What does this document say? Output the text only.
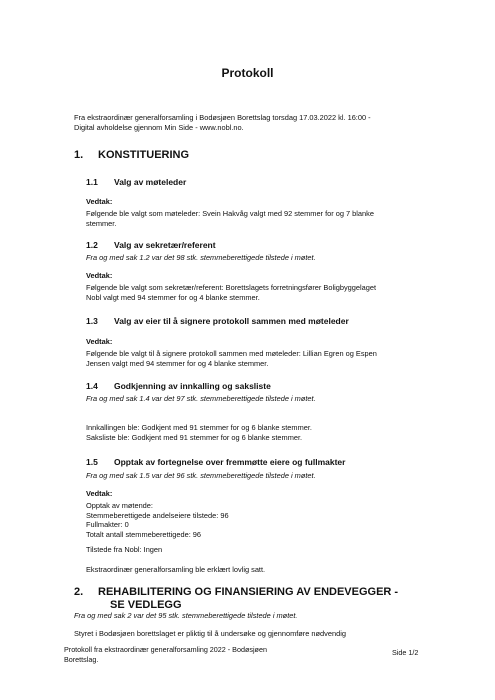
Protokoll

Fra ekstraordinær generalforsamling i Bodøsjøen Borettslag torsdag 17.03.2022 kl. 16:00 -

Digital avholdelse gjennom Min Side - www.nobl.no.

1. KONSTITUERING
1.1 Valg av møteleder
Vedtak:

Følgende ble valgt som møteleder: Svein Hakvåg valgt med 92 stemmer for og 7 blanke

stemmer.

1.2 Valg av sekretær/referent
Fra og med sak 1.2 var det 98 stk. stemmeberettigede tilstede i møtet.
Vedtak:

Følgende ble valgt som sekretær/referent: Borettslagets forretningsfører Boligbyggelaget

Nobl valgt med 94 stemmer for og 4 blanke stemmer.

1.3 Valg av eier til å signere protokoll sammen med møteleder
Vedtak:

Følgende ble valgt til å signere protokoll sammen med møteleder: Lillian Egren og Espen

Jensen valgt med 94 stemmer for og 4 blanke stemmer.

1.4 Godkjenning av innkalling og saksliste
Fra og med sak 1.4 var det 97 stk. stemmeberettigede tilstede i møtet.

Innkallingen ble: Godkjent med 91 stemmer for og 6 blanke stemmer.

Saksliste ble: Godkjent med 91 stemmer for og 6 blanke stemmer.

1.5 Opptak av fortegnelse over fremmøtte eiere og fullmakter
Fra og med sak 1.5 var det 96 stk. stemmeberettigede tilstede i møtet.
Vedtak:

Opptak av møtende:

Stemmeberettigede andelseiere tilstede: 96

Fullmakter: 0

Totalt antall stemmeberettigede: 96

Tilstede fra Nobl: Ingen
Ekstraordinær generalforsamling ble erklært lovlig satt.
2. REHABILITERING OG FINANSIERING AV ENDEVEGGER -
SE VEDLEGG
Fra og med sak 2 var det 95 stk. stemmeberettigede tilstede i møtet.
Styret i Bodøsjøen borettslaget er pliktig til å undersøke og gjennomføre nødvendig

Protokoll fra ekstraordinær generalforsamling 2022 - Bodøsjøen

Borettslag.

Side 1/2
